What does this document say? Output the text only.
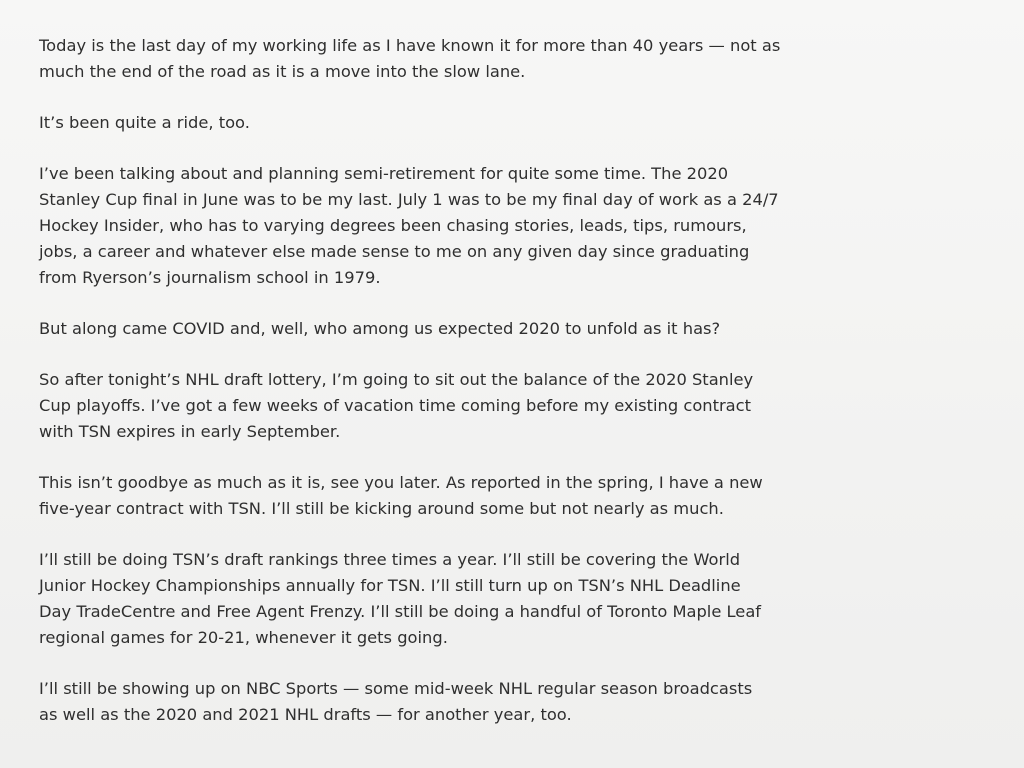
Today is the last day of my working life as I have known it for more than 40 years — not as
much the end of the road as it is a move into the slow lane.

It’s been quite a ride, too.

I’ve been talking about and planning semi-retirement for quite some time. The 2020
Stanley Cup final in June was to be my last. July 1 was to be my final day of work as a 24/7
Hockey Insider, who has to varying degrees been chasing stories, leads, tips, rumours,
jobs, a career and whatever else made sense to me on any given day since graduating
from Ryerson’s journalism school in 1979.

But along came COVID and, well, who among us expected 2020 to unfold as it has?

So after tonight’s NHL draft lottery, I’m going to sit out the balance of the 2020 Stanley
Cup playoffs. I’ve got a few weeks of vacation time coming before my existing contract
with TSN expires in early September.

This isn’t goodbye as much as it is, see you later. As reported in the spring, I have a new
five-year contract with TSN. I’ll still be kicking around some but not nearly as much.

I’ll still be doing TSN’s draft rankings three times a year. I’ll still be covering the World
Junior Hockey Championships annually for TSN. I’ll still turn up on TSN’s NHL Deadline
Day TradeCentre and Free Agent Frenzy. I’ll still be doing a handful of Toronto Maple Leaf
regional games for 20-21, whenever it gets going.

I’ll still be showing up on NBC Sports — some mid-week NHL regular season broadcasts
as well as the 2020 and 2021 NHL drafts — for another year, too.
